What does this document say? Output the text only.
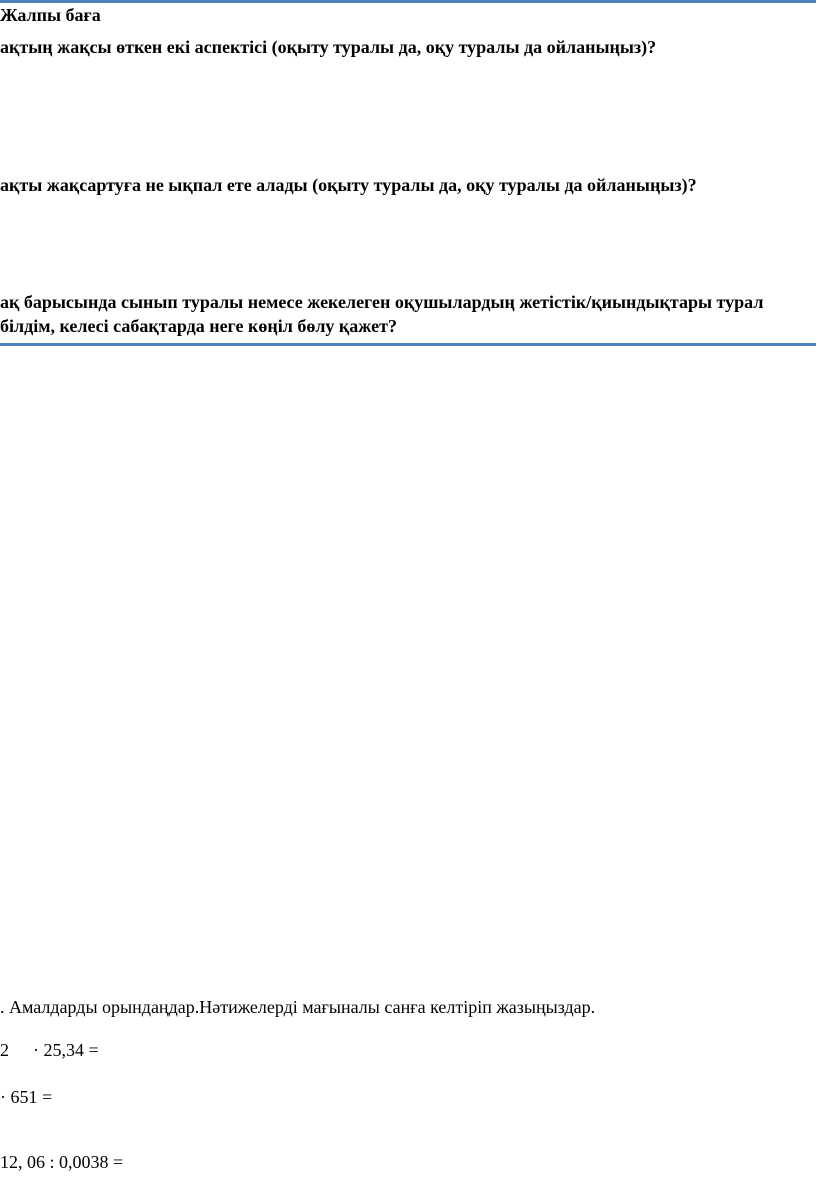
Жалпы баға
ақтың жақсы өткен екі аспектісі (оқыту туралы да, оқу туралы да ойланыңыз)?
ақты жақсартуға не ықпал ете алады (оқыту туралы да, оқу туралы да ойланыңыз)?
ақ барысында сынып туралы немесе жекелеген оқушылардың жетістік/қиындықтары турал
білдім, келесі сабақтарда неге көңіл бөлу қажет?
. Амалдарды орындаңдар.Нәтижелерді мағыналы санға келтіріп жазыңыздар.
2 · 25,34 =
· 651 =
12, 06 : 0,0038 =
